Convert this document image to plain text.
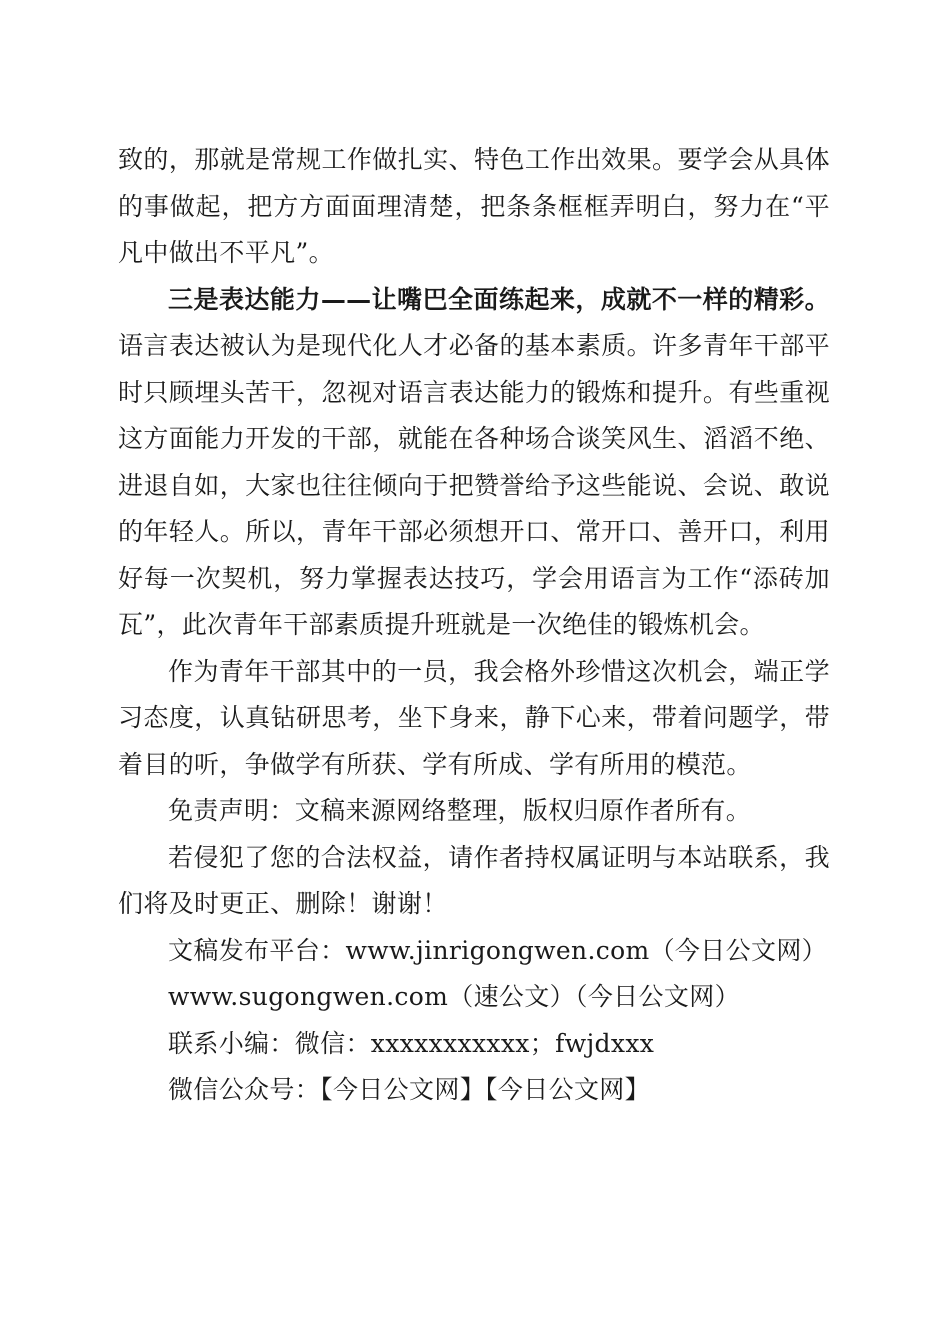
致的，那就是常规工作做扎实、特色工作出效果。要学会从具体的事做起，把方方面面理清楚，把条条框框弄明白，努力在“平凡中做出不平凡”。

三是表达能力——让嘴巴全面练起来，成就不一样的精彩。语言表达被认为是现代化人才必备的基本素质。许多青年干部平时只顾埋头苦干，忽视对语言表达能力的锻炼和提升。有些重视这方面能力开发的干部，就能在各种场合谈笑风生、滔滔不绝、进退自如，大家也往往倾向于把赞誉给予这些能说、会说、敢说的年轻人。所以，青年干部必须想开口、常开口、善开口，利用好每一次契机，努力掌握表达技巧，学会用语言为工作“添砖加瓦”，此次青年干部素质提升班就是一次绝佳的锻炼机会。

作为青年干部其中的一员，我会格外珍惜这次机会，端正学习态度，认真钻研思考，坐下身来，静下心来，带着问题学，带着目的听，争做学有所获、学有所成、学有所用的模范。

免责声明：文稿来源网络整理，版权归原作者所有。

若侵犯了您的合法权益，请作者持权属证明与本站联系，我们将及时更正、删除！谢谢！

文稿发布平台：www.jinrigongwen.com（今日公文网）

www.sugongwen.com（速公文）（今日公文网）

联系小编：微信：xxxxxxxxxxx；fwjdxxx

微信公众号：【今日公文网】【今日公文网】
